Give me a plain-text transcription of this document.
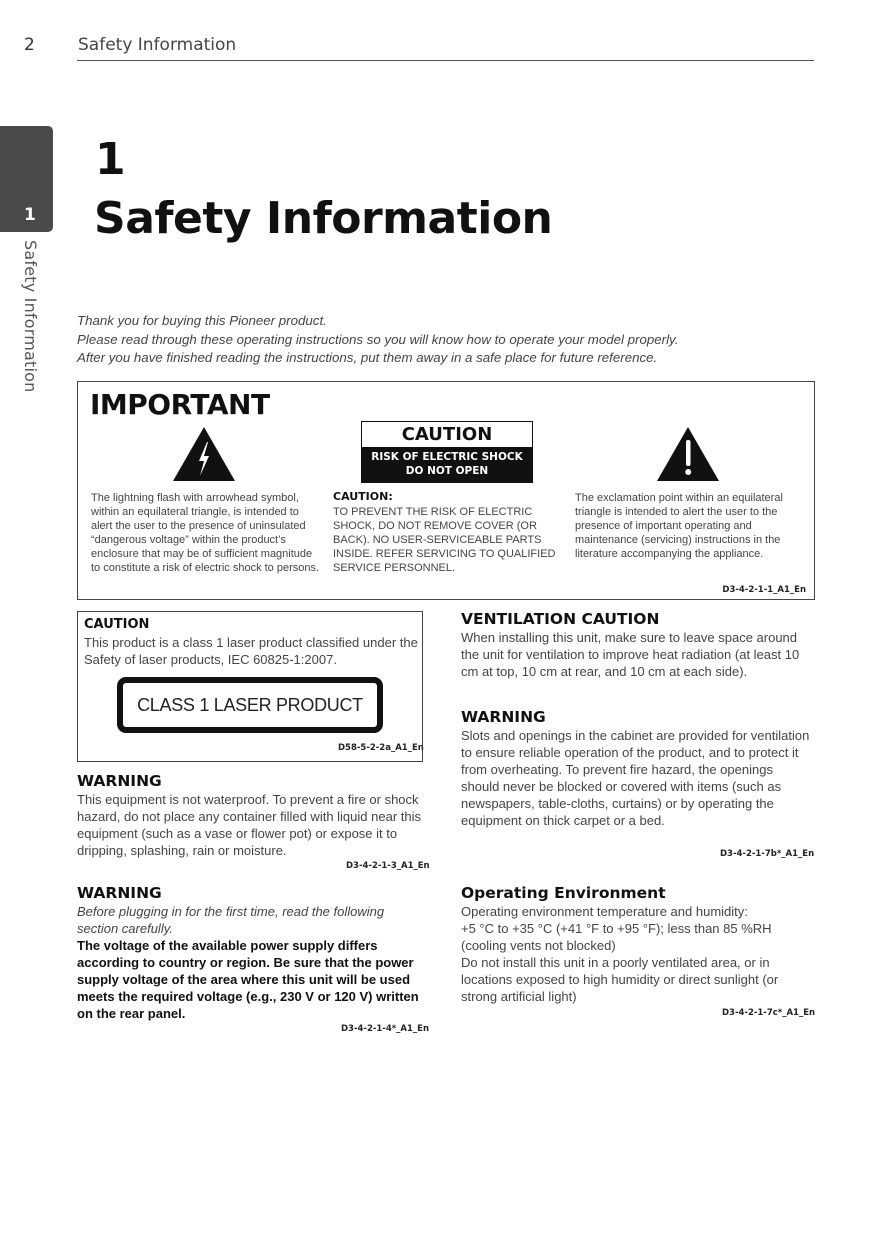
2	Safety Information
1
Safety Information
1
Safety Information
Thank you for buying this Pioneer product.
Please read through these operating instructions so you will know how to operate your model properly.
After you have finished reading the instructions, put them away in a safe place for future reference.
IMPORTANT
The lightning flash with arrowhead symbol, within an equilateral triangle, is intended to alert the user to the presence of uninsulated “dangerous voltage” within the product’s enclosure that may be of sufficient magnitude to constitute a risk of electric shock to persons.
CAUTION
RISK OF ELECTRIC SHOCK
DO NOT OPEN
CAUTION:
TO PREVENT THE RISK OF ELECTRIC SHOCK, DO NOT REMOVE COVER (OR BACK). NO USER-SERVICEABLE PARTS INSIDE. REFER SERVICING TO QUALIFIED SERVICE PERSONNEL.
The exclamation point within an equilateral triangle is intended to alert the user to the presence of important operating and maintenance (servicing) instructions in the literature accompanying the appliance.
D3-4-2-1-1_A1_En
CAUTION
This product is a class 1 laser product classified under the Safety of laser products, IEC 60825-1:2007.
CLASS 1 LASER PRODUCT
D58-5-2-2a_A1_En
WARNING
This equipment is not waterproof. To prevent a fire or shock hazard, do not place any container filled with liquid near this equipment (such as a vase or flower pot) or expose it to dripping, splashing, rain or moisture.
D3-4-2-1-3_A1_En
WARNING
Before plugging in for the first time, read the following section carefully.
The voltage of the available power supply differs according to country or region. Be sure that the power supply voltage of the area where this unit will be used meets the required voltage (e.g., 230 V or 120 V) written on the rear panel.
D3-4-2-1-4*_A1_En
VENTILATION CAUTION
When installing this unit, make sure to leave space around the unit for ventilation to improve heat radiation (at least 10 cm at top, 10 cm at rear, and 10 cm at each side).
WARNING
Slots and openings in the cabinet are provided for ventilation to ensure reliable operation of the product, and to protect it from overheating. To prevent fire hazard, the openings should never be blocked or covered with items (such as newspapers, table-cloths, curtains) or by operating the equipment on thick carpet or a bed.
D3-4-2-1-7b*_A1_En
Operating Environment
Operating environment temperature and humidity:
+5 °C to +35 °C (+41 °F to +95 °F); less than 85 %RH (cooling vents not blocked)
Do not install this unit in a poorly ventilated area, or in locations exposed to high humidity or direct sunlight (or strong artificial light)
D3-4-2-1-7c*_A1_En
